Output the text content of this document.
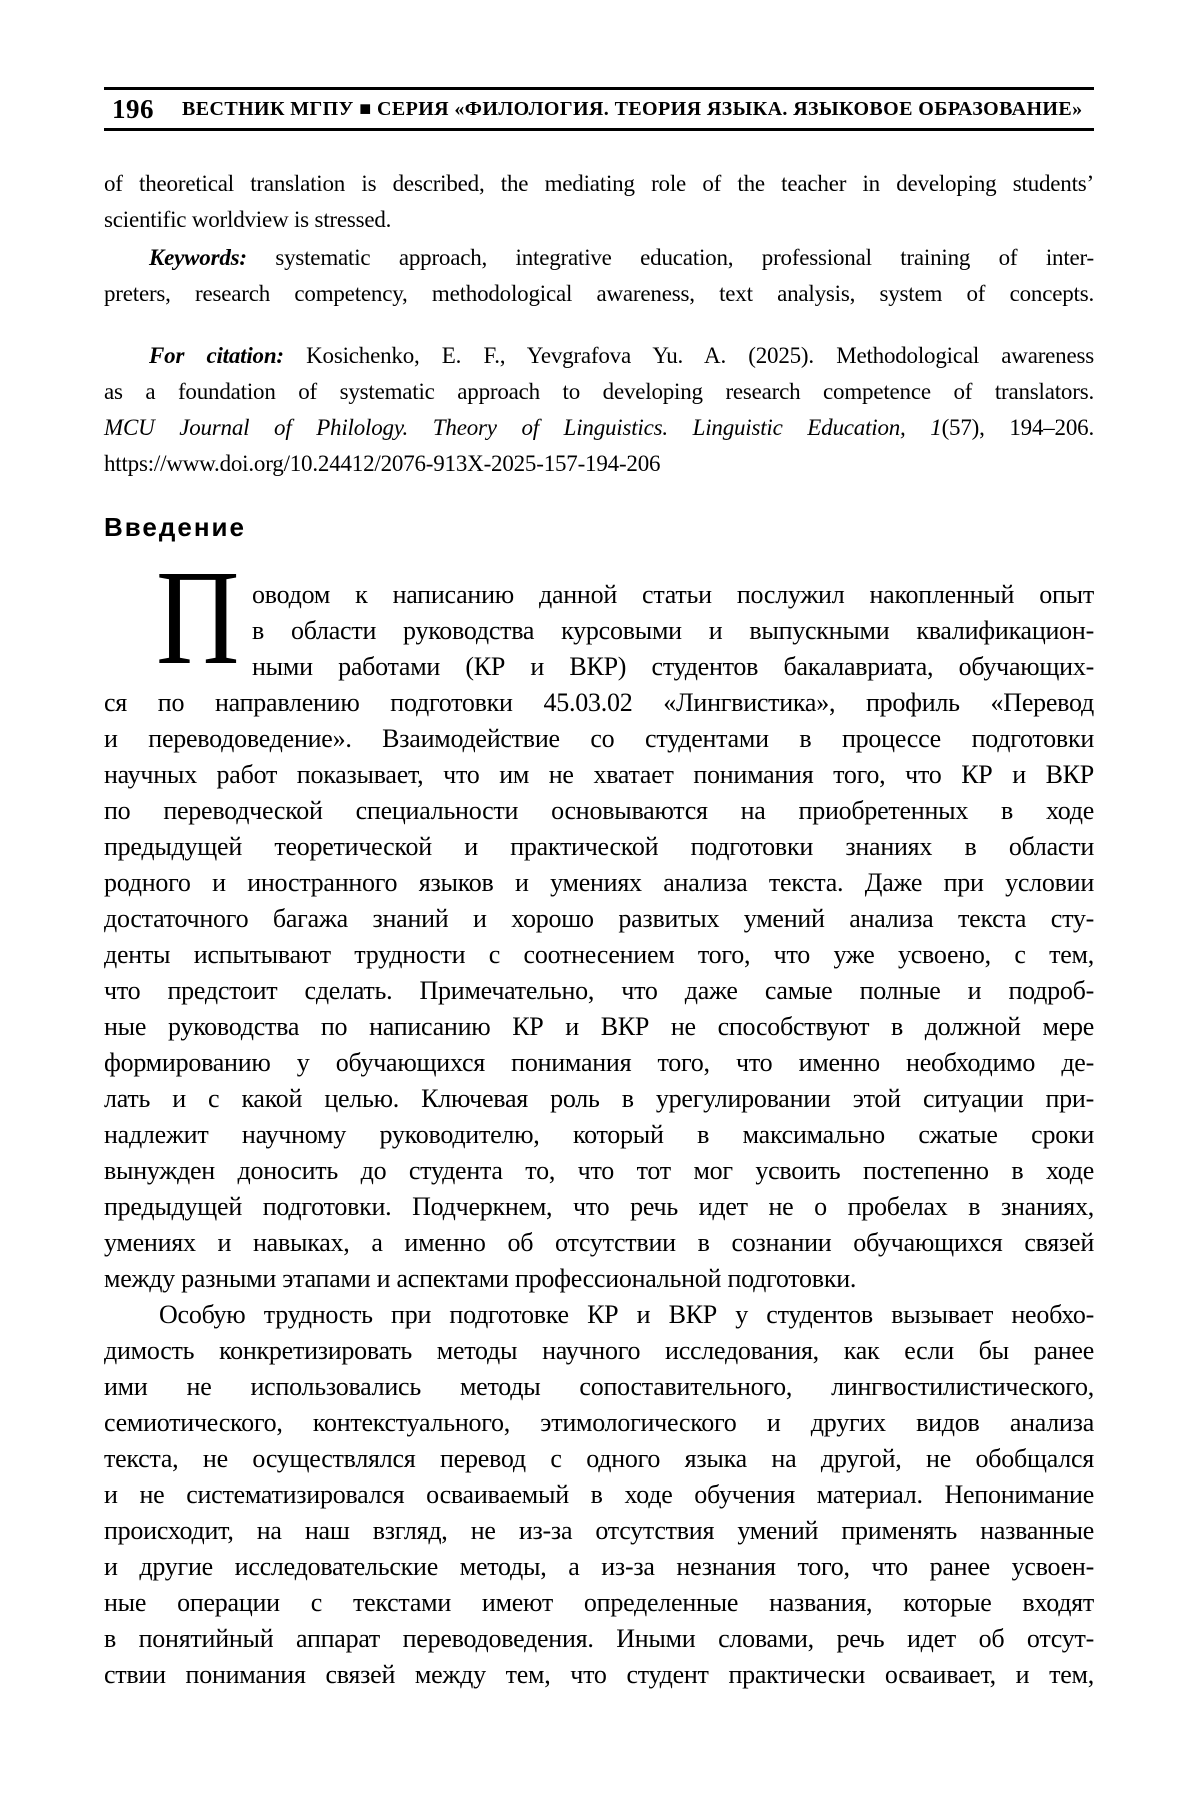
196 ВЕСТНИК МГПУ ■ СЕРИЯ «ФИЛОЛОГИЯ. ТЕОРИЯ ЯЗЫКА. ЯЗЫКОВОЕ ОБРАЗОВАНИЕ»
of theoretical translation is described, the mediating role of the teacher in developing students’
scientific worldview is stressed.
Keywords: systematic approach, integrative education, professional training of inter-
preters, research competency, methodological awareness, text analysis, system of concepts.
For citation: Kosichenko, E. F., Yevgrafova Yu. A. (2025). Methodological awareness
as a foundation of systematic approach to developing research competence of translators.
MCU Journal of Philology. Theory of Linguistics. Linguistic Education, 1(57), 194–206.
https://www.doi.org/10.24412/2076-913X-2025-157-194-206
Введение
П оводом к написанию данной статьи послужил накопленный опыт
в области руководства курсовыми и выпускными квалификацион-
ными работами (КР и ВКР) студентов бакалавриата, обучающих-
ся по направлению подготовки 45.03.02 «Лингвистика», профиль «Перевод
и переводоведение». Взаимодействие со студентами в процессе подготовки
научных работ показывает, что им не хватает понимания того, что КР и ВКР
по переводческой специальности основываются на приобретенных в ходе
предыдущей теоретической и практической подготовки знаниях в области
родного и иностранного языков и умениях анализа текста. Даже при условии
достаточного багажа знаний и хорошо развитых умений анализа текста сту-
денты испытывают трудности с соотнесением того, что уже усвоено, с тем,
что предстоит сделать. Примечательно, что даже самые полные и подроб-
ные руководства по написанию КР и ВКР не способствуют в должной мере
формированию у обучающихся понимания того, что именно необходимо де-
лать и с какой целью. Ключевая роль в урегулировании этой ситуации при-
надлежит научному руководителю, который в максимально сжатые сроки
вынужден доносить до студента то, что тот мог усвоить постепенно в ходе
предыдущей подготовки. Подчеркнем, что речь идет не о пробелах в знаниях,
умениях и навыках, а именно об отсутствии в сознании обучающихся связей
между разными этапами и аспектами профессиональной подготовки.
Особую трудность при подготовке КР и ВКР у студентов вызывает необхо-
димость конкретизировать методы научного исследования, как если бы ранее
ими не использовались методы сопоставительного, лингвостилистического,
семиотического, контекстуального, этимологического и других видов анализа
текста, не осуществлялся перевод с одного языка на другой, не обобщался
и не систематизировался осваиваемый в ходе обучения материал. Непонимание
происходит, на наш взгляд, не из-за отсутствия умений применять названные
и другие исследовательские методы, а из-за незнания того, что ранее усвоен-
ные операции с текстами имеют определенные названия, которые входят
в понятийный аппарат переводоведения. Иными словами, речь идет об отсут-
ствии понимания связей между тем, что студент практически осваивает, и тем,
